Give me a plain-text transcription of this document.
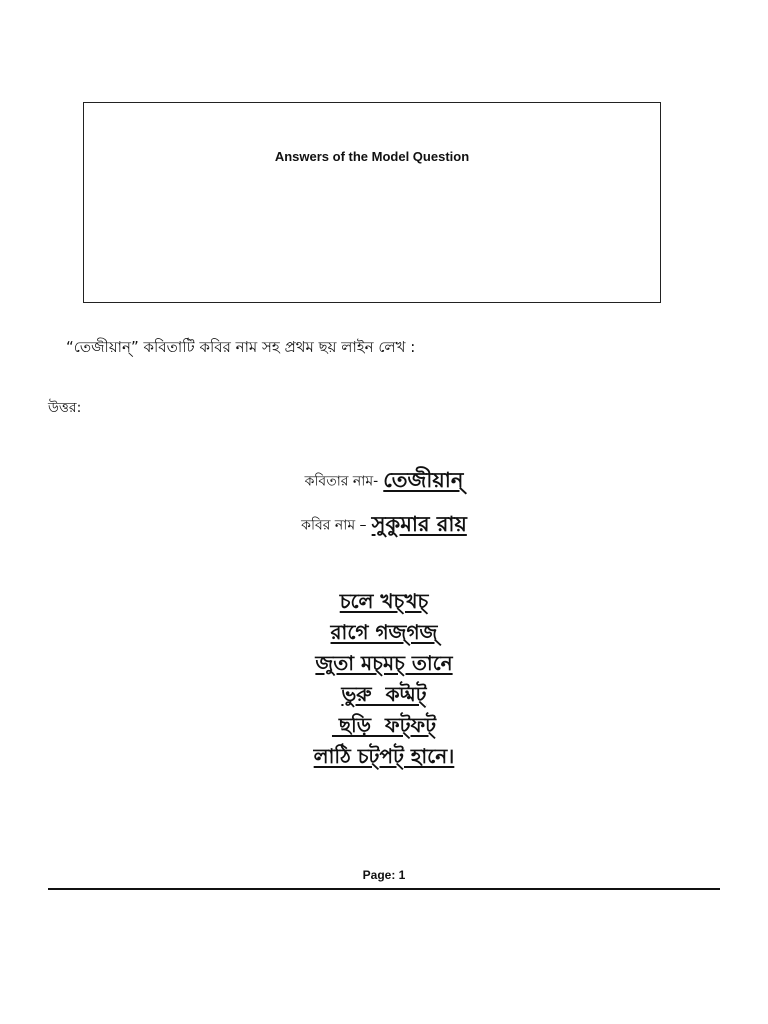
Answers of the Model Question
“তেজীয়ান্” কবিতাটি কবির নাম সহ প্রথম ছয় লাইন লেখ :
উত্তর:
কবিতার নাম- তেজীয়ান্
কবির নাম – সুকুমার রায়
চলে খচ্খচ্
রাগে গজ্গজ্
জুতা মচ্মচ্ তানে
ভুরু  কট্মট্
ছড়ি  ফট্ফট্
লাঠি চট্পট্ হানে।
Page: 1
